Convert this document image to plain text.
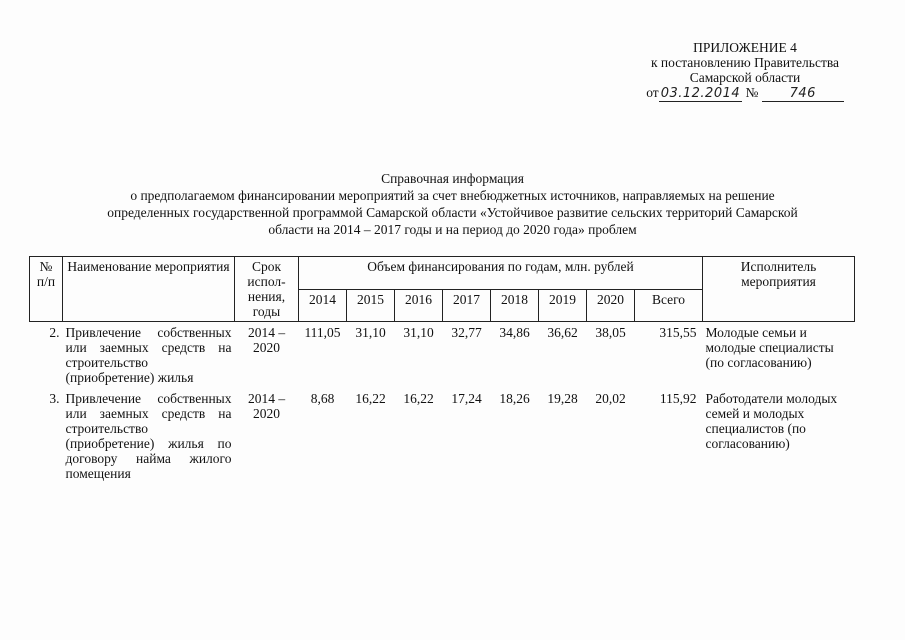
ПРИЛОЖЕНИЕ 4
к постановлению Правительства
Самарской области
от 03.12.2014 № 746
Справочная информация
о предполагаемом финансировании мероприятий за счет внебюджетных источников, направляемых на решение
определенных государственной программой Самарской области «Устойчивое развитие сельских территорий Самарской
области на 2014 – 2017 годы и на период до 2020 года» проблем
№ п/п	Наименование мероприятия	Срок испол-нения, годы	Объем финансирования по годам, млн. рублей								Исполнитель мероприятия
			2014	2015	2016	2017	2018	2019	2020	Всего	
2.	Привлечение собственных или заемных средств на строительство (приобретение) жилья	2014 – 2020	111,05	31,10	31,10	32,77	34,86	36,62	38,05	315,55	Молодые семьи и молодые специалисты (по согласованию)
3.	Привлечение собственных или заемных средств на строительство (приобретение) жилья по договору найма жилого помещения	2014 – 2020	8,68	16,22	16,22	17,24	18,26	19,28	20,02	115,92	Работодатели молодых семей и молодых специалистов (по согласованию)
